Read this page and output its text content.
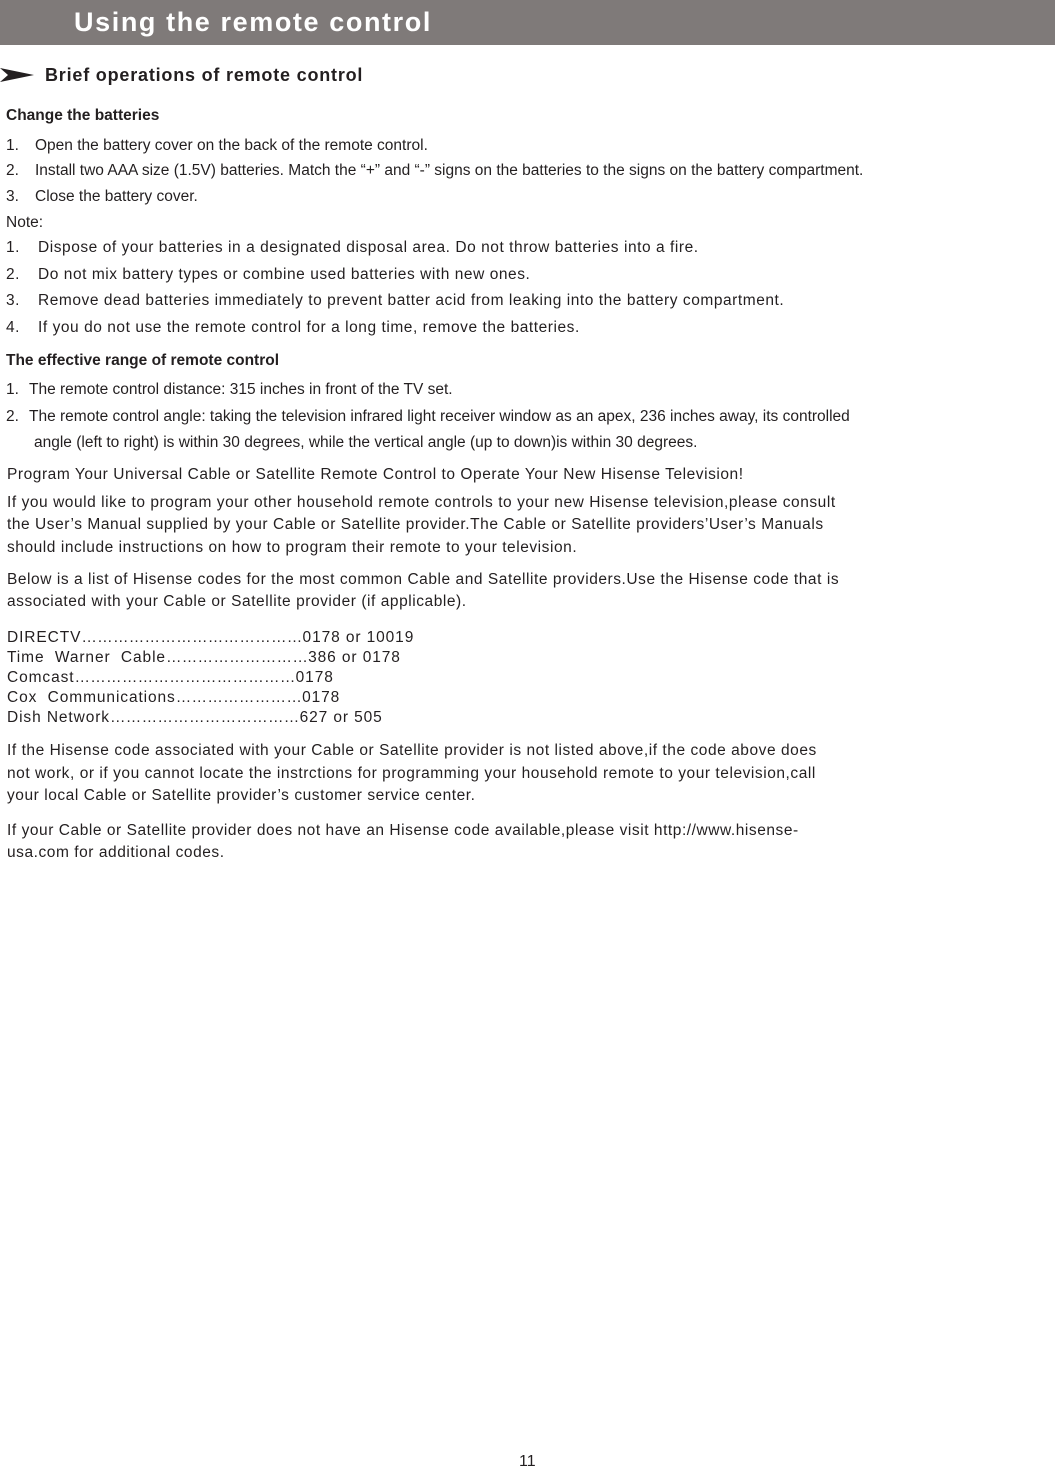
Using the remote control
Brief operations of remote control
Change the batteries
1. Open the battery cover on the back of the remote control.
2. Install two AAA size (1.5V) batteries. Match the “+” and “-” signs on the batteries to the signs on the battery compartment.
3. Close the battery cover.
Note:
1. Dispose of your batteries in a designated disposal area. Do not throw batteries into a fire.
2. Do not mix battery types or combine used batteries with new ones.
3. Remove dead batteries immediately to prevent batter acid from leaking into the battery compartment.
4. If you do not use the remote control for a long time, remove the batteries.
The effective range of remote control
1. The remote control distance: 315 inches in front of the TV set.
2. The remote control angle: taking the television infrared light receiver window as an apex, 236 inches away, its controlled
angle (left to right) is within 30 degrees, while the vertical angle (up to down)is within 30 degrees.
Program Your Universal Cable or Satellite Remote Control to Operate Your New Hisense Television!
If you would like to program your other household remote controls to your new Hisense television,please consult
the User’s Manual supplied by your Cable or Satellite provider.The Cable or Satellite providers’User’s Manuals
should include instructions on how to program their remote to your television.
Below is a list of Hisense codes for the most common Cable and Satellite providers.Use the Hisense code that is
associated with your Cable or Satellite provider (if applicable).
DIRECTV……………………………………0178 or 10019
Time  Warner  Cable………………………386 or 0178
Comcast……………………………………0178
Cox  Communications……………………0178
Dish Network………………………………627 or 505
If the Hisense code associated with your Cable or Satellite provider is not listed above,if the code above does
not work, or if you cannot locate the instrctions for programming your household remote to your television,call
your local Cable or Satellite provider’s customer service center.
If your Cable or Satellite provider does not have an Hisense code available,please visit http://www.hisense-
usa.com for additional codes.
11
